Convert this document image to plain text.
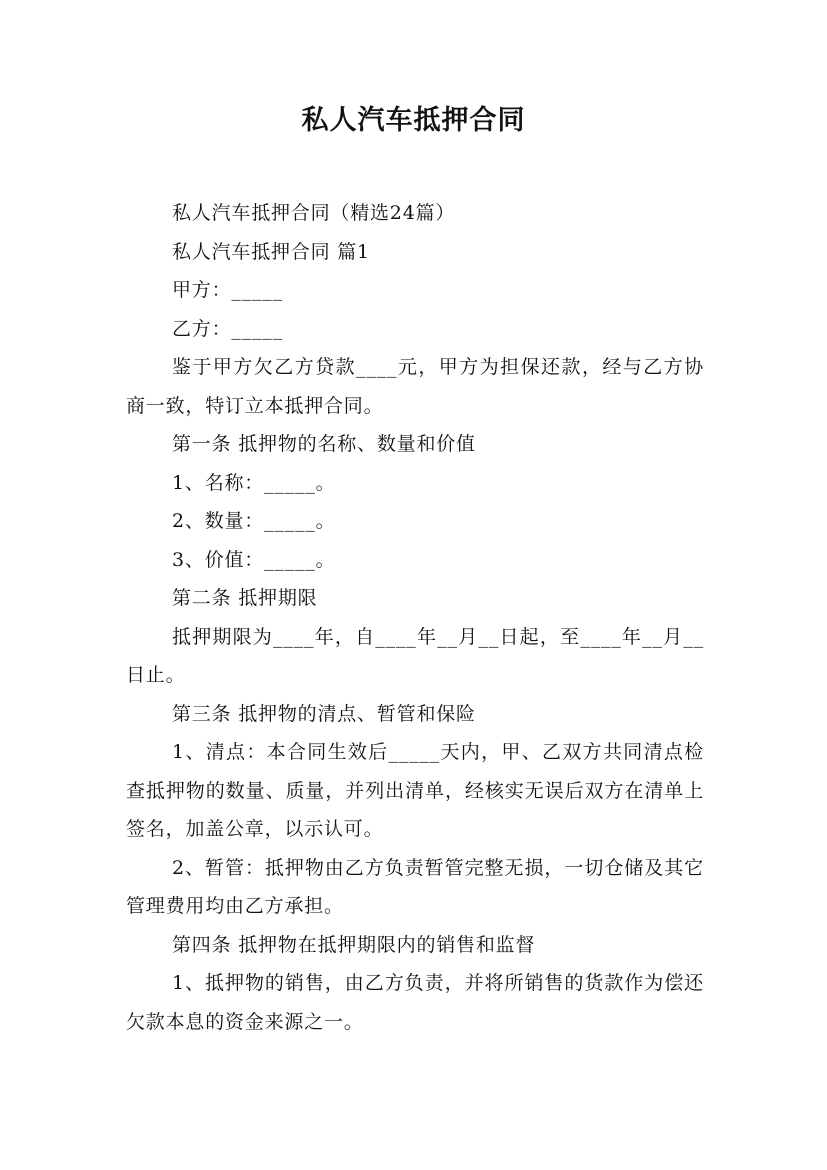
私人汽车抵押合同

私人汽车抵押合同（精选24篇）

私人汽车抵押合同 篇1

甲方：_____

乙方：_____

鉴于甲方欠乙方贷款____元，甲方为担保还款，经与乙方协商一致，特订立本抵押合同。

第一条 抵押物的名称、数量和价值

1、名称：_____。

2、数量：_____。

3、价值：_____。

第二条 抵押期限

抵押期限为____年，自____年__月__日起，至____年__月__日止。

第三条 抵押物的清点、暂管和保险

1、清点：本合同生效后_____天内，甲、乙双方共同清点检查抵押物的数量、质量，并列出清单，经核实无误后双方在清单上签名，加盖公章，以示认可。

2、暂管：抵押物由乙方负责暂管完整无损，一切仓储及其它管理费用均由乙方承担。

第四条 抵押物在抵押期限内的销售和监督

1、抵押物的销售，由乙方负责，并将所销售的货款作为偿还欠款本息的资金来源之一。
